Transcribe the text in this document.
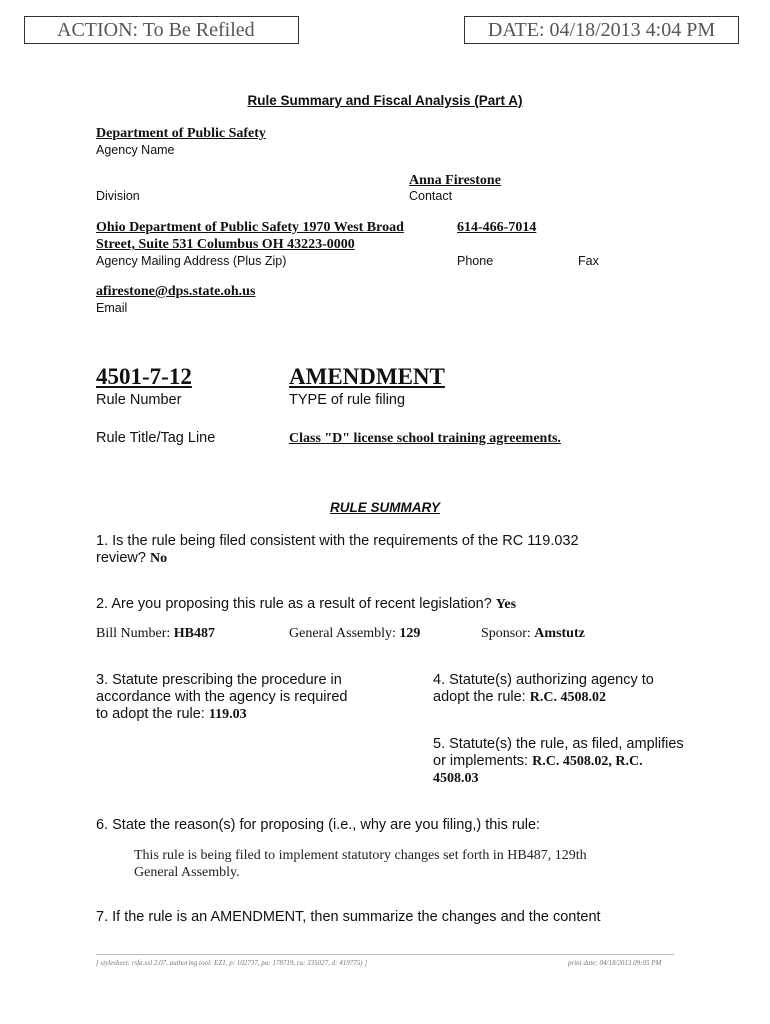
ACTION: To Be Refiled	DATE: 04/18/2013 4:04 PM
Rule Summary and Fiscal Analysis (Part A)
Department of Public Safety
Agency Name
Anna Firestone
Division	Contact
Ohio Department of Public Safety 1970 West Broad
Street, Suite 531 Columbus OH 43223-0000
614-466-7014
Agency Mailing Address (Plus Zip)	Phone	Fax
afirestone@dps.state.oh.us
Email
4501-7-12
Rule Number
AMENDMENT
TYPE of rule filing
Rule Title/Tag Line	Class "D" license school training agreements.
RULE SUMMARY
1. Is the rule being filed consistent with the requirements of the RC 119.032
review? No
2. Are you proposing this rule as a result of recent legislation? Yes
Bill Number: HB487	General Assembly: 129	Sponsor: Amstutz
3. Statute prescribing the procedure in
accordance with the agency is required
to adopt the rule: 119.03
4. Statute(s) authorizing agency to
adopt the rule: R.C. 4508.02
5. Statute(s) the rule, as filed, amplifies
or implements: R.C. 4508.02, R.C.
4508.03
6. State the reason(s) for proposing (i.e., why are you filing,) this rule:
This rule is being filed to implement statutory changes set forth in HB487, 129th
General Assembly.
7. If the rule is an AMENDMENT, then summarize the changes and the content
[ stylesheet: rsfa.xsl 2.07, authoring tool: EZ1, p: 102737, pa: 178719, ra: 335027, d: 419775) ]	print date: 04/18/2013 09:05 PM
